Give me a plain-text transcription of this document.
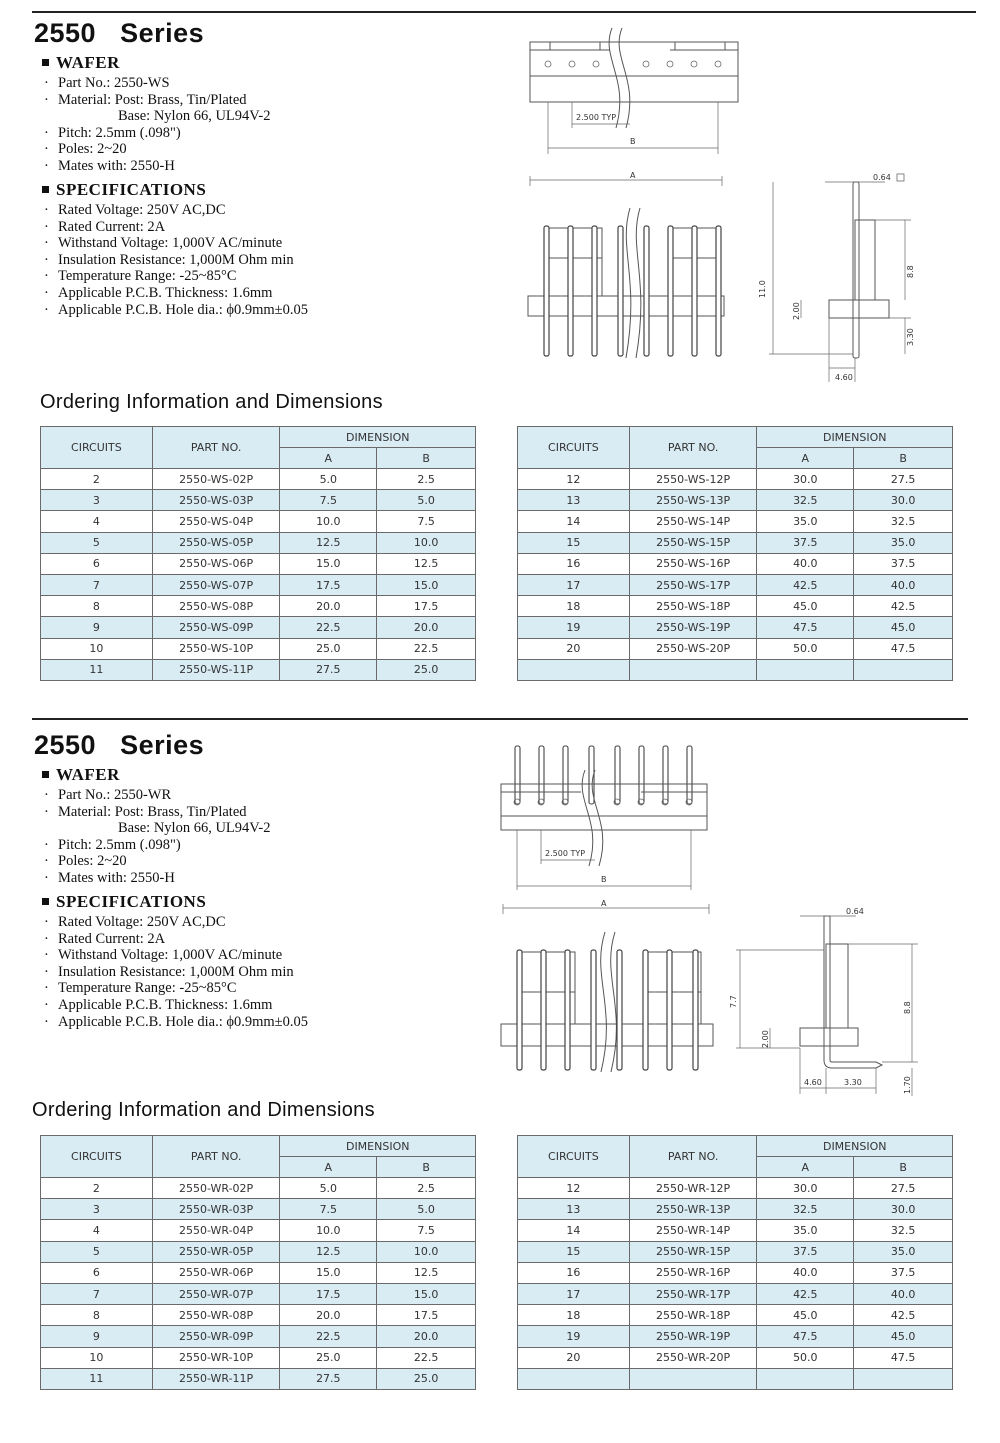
2550 Series
WAFER
· Part No.: 2550-WS
· Material: Post: Brass, Tin/Plated
Base: Nylon 66, UL94V-2
· Pitch: 2.5mm (.098")
· Poles: 2~20
· Mates with: 2550-H
SPECIFICATIONS
· Rated Voltage: 250V AC,DC
· Rated Current: 2A
· Withstand Voltage: 1,000V AC/minute
· Insulation Resistance: 1,000M Ohm min
· Temperature Range: -25~85°C
· Applicable P.C.B. Thickness: 1.6mm
· Applicable P.C.B. Hole dia.: ϕ0.9mm±0.05
2.500 TYP
B
A	0.64
11.0
8.8
2.00
3.30
4.60
Ordering Information and Dimensions
CIRCUITS	PART NO.	DIMENSION	
		A	B
2	2550-WS-02P	5.0	2.5
3	2550-WS-03P	7.5	5.0
4	2550-WS-04P	10.0	7.5
5	2550-WS-05P	12.5	10.0
6	2550-WS-06P	15.0	12.5
7	2550-WS-07P	17.5	15.0
8	2550-WS-08P	20.0	17.5
9	2550-WS-09P	22.5	20.0
10	2550-WS-10P	25.0	22.5
11	2550-WS-11P	27.5	25.0
CIRCUITS	PART NO.	DIMENSION	
		A	B
12	2550-WS-12P	30.0	27.5
13	2550-WS-13P	32.5	30.0
14	2550-WS-14P	35.0	32.5
15	2550-WS-15P	37.5	35.0
16	2550-WS-16P	40.0	37.5
17	2550-WS-17P	42.5	40.0
18	2550-WS-18P	45.0	42.5
19	2550-WS-19P	47.5	45.0
20	2550-WS-20P	50.0	47.5

2550 Series
WAFER
· Part No.: 2550-WR
· Material: Post: Brass, Tin/Plated
Base: Nylon 66, UL94V-2
· Pitch: 2.5mm (.098")
· Poles: 2~20
· Mates with: 2550-H
SPECIFICATIONS
· Rated Voltage: 250V AC,DC
· Rated Current: 2A
· Withstand Voltage: 1,000V AC/minute
· Insulation Resistance: 1,000M Ohm min
· Temperature Range: -25~85°C
· Applicable P.C.B. Thickness: 1.6mm
· Applicable P.C.B. Hole dia.: ϕ0.9mm±0.05
2.500 TYP
B
A
0.64
7.7	8.8
2.00
1.70
4.60	3.30
Ordering Information and Dimensions
CIRCUITS	PART NO.	DIMENSION	
		A	B
2	2550-WR-02P	5.0	2.5
3	2550-WR-03P	7.5	5.0
4	2550-WR-04P	10.0	7.5
5	2550-WR-05P	12.5	10.0
6	2550-WR-06P	15.0	12.5
7	2550-WR-07P	17.5	15.0
8	2550-WR-08P	20.0	17.5
9	2550-WR-09P	22.5	20.0
10	2550-WR-10P	25.0	22.5
11	2550-WR-11P	27.5	25.0
CIRCUITS	PART NO.	DIMENSION	
		A	B
12	2550-WR-12P	30.0	27.5
13	2550-WR-13P	32.5	30.0
14	2550-WR-14P	35.0	32.5
15	2550-WR-15P	37.5	35.0
16	2550-WR-16P	40.0	37.5
17	2550-WR-17P	42.5	40.0
18	2550-WR-18P	45.0	42.5
19	2550-WR-19P	47.5	45.0
20	2550-WR-20P	50.0	47.5
